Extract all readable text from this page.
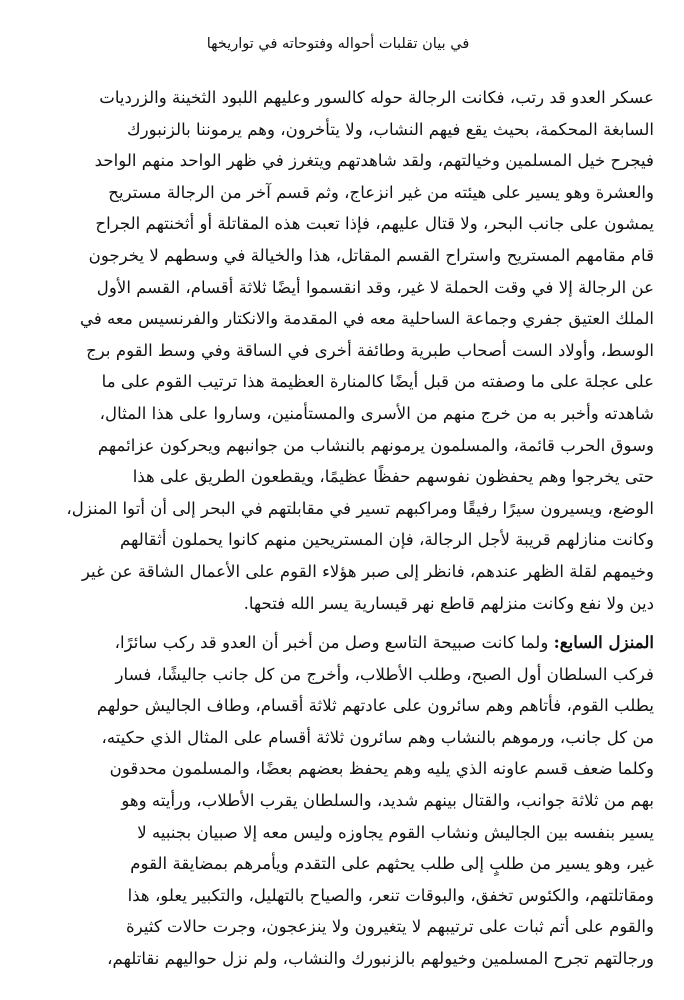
في بيان تقلبات أحواله وفتوحاته في تواريخها
عسكر العدو قد رتب، فكانت الرجالة حوله كالسور وعليهم اللبود الثخينة والزرديات
السابغة المحكمة، بحيث يقع فيهم النشاب، ولا يتأخرون، وهم يرموننا بالزنبورك
فيجرح خيل المسلمين وخيالتهم، ولقد شاهدتهم ويتغرز في ظهر الواحد منهم الواحد
والعشرة وهو يسير على هيئته من غير انزعاج، وثم قسم آخر من الرجالة مستريح
يمشون على جانب البحر، ولا قتال عليهم، فإذا تعبت هذه المقاتلة أو أثخنتهم الجراح
قام مقامهم المستريح واستراح القسم المقاتل، هذا والخيالة في وسطهم لا يخرجون
عن الرجالة إلا في وقت الحملة لا غير، وقد انقسموا أيضًا ثلاثة أقسام، القسم الأول
الملك العتيق جفري وجماعة الساحلية معه في المقدمة والانكتار والفرنسيس معه في
الوسط، وأولاد الست أصحاب طبرية وطائفة أخرى في الساقة وفي وسط القوم برج
على عجلة على ما وصفته من قبل أيضًا كالمنارة العظيمة هذا ترتيب القوم على ما
شاهدته وأخبر به من خرج منهم من الأسرى والمستأمنين، وساروا على هذا المثال،
وسوق الحرب قائمة، والمسلمون يرمونهم بالنشاب من جوانبهم ويحركون عزائمهم
حتى يخرجوا وهم يحفظون نفوسهم حفظًا عظيمًا، ويقطعون الطريق على هذا
الوضع، ويسيرون سيرًا رفيقًا ومراكبهم تسير في مقابلتهم في البحر إلى أن أتوا المنزل،
وكانت منازلهم قريبة لأجل الرجالة، فإن المستريحين منهم كانوا يحملون أثقالهم
وخيمهم لقلة الظهر عندهم، فانظر إلى صبر هؤلاء القوم على الأعمال الشاقة عن غير
دين ولا نفع وكانت منزلهم قاطع نهر قيسارية يسر الله فتحها.
المنزل السابع: ولما كانت صبيحة التاسع وصل من أخبر أن العدو قد ركب سائرًا،
فركب السلطان أول الصبح، وطلب الأطلاب، وأخرج من كل جانب جاليشًا، فسار
يطلب القوم، فأتاهم وهم سائرون على عادتهم ثلاثة أقسام، وطاف الجاليش حولهم
من كل جانب، ورموهم بالنشاب وهم سائرون ثلاثة أقسام على المثال الذي حكيته،
وكلما ضعف قسم عاونه الذي يليه وهم يحفظ بعضهم بعضًا، والمسلمون محدقون
بهم من ثلاثة جوانب، والقتال بينهم شديد، والسلطان يقرب الأطلاب، ورأيته وهو
يسير بنفسه بين الجاليش ونشاب القوم يجاوزه وليس معه إلا صبيان بجنبيه لا
غير، وهو يسير من طلبٍ إلى طلب يحثهم على التقدم ويأمرهم بمضايقة القوم
ومقاتلتهم، والكئوس تخفق، والبوقات تنعر، والصياح بالتهليل، والتكبير يعلو، هذا
والقوم على أتم ثبات على ترتيبهم لا يتغيرون ولا ينزعجون، وجرت حالات كثيرة
ورجالتهم تجرح المسلمين وخيولهم بالزنبورك والنشاب، ولم نزل حواليهم نقاتلهم،
